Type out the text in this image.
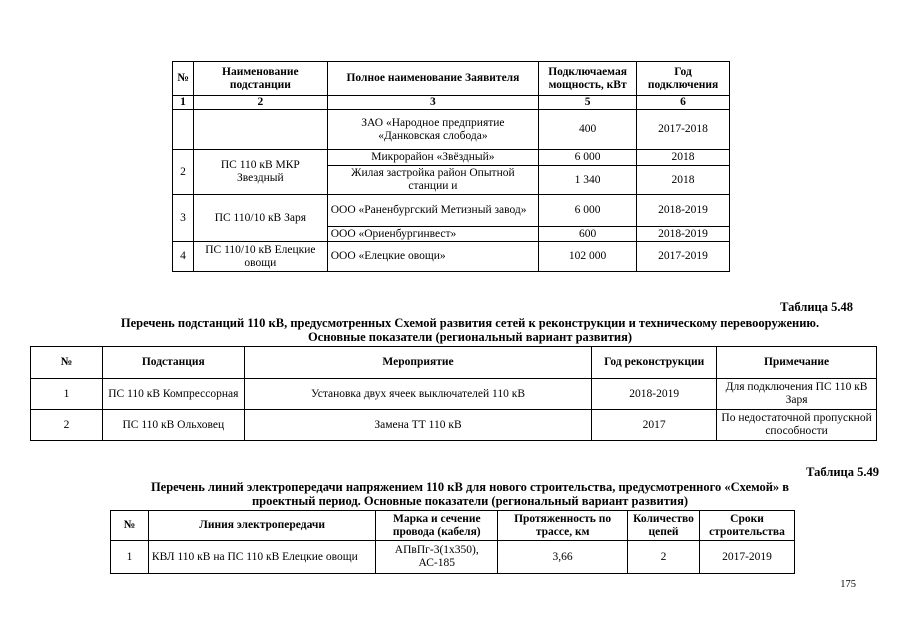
№	Наименование подстанции	Полное наименование Заявителя	Подключаемая мощность, кВт	Год подключения
1	2	3	5	6
		ЗАО «Народное предприятие «Данковская слобода»	400	2017-2018
2	ПС 110 кВ МКР Звездный	Микрорайон «Звёздный»	6 000	2018
		Жилая застройка район Опытной станции и	1 340	2018
3	ПС 110/10 кВ Заря	ООО «Раненбургский Метизный завод»	6 000	2018-2019
		ООО «Ориенбургинвест»	600	2018-2019
4	ПС 110/10 кВ Елецкие овощи	ООО «Елецкие овощи»	102 000	2017-2019
Таблица 5.48
Перечень подстанций 110 кВ, предусмотренных Схемой развития сетей к реконструкции и техническому перевооружению. Основные показатели (региональный вариант развития)
№	Подстанция	Мероприятие	Год реконструкции	Примечание
1	ПС 110 кВ Компрессорная	Установка двух ячеек выключателей 110 кВ	2018-2019	Для подключения ПС 110 кВ Заря
2	ПС 110 кВ Ольховец	Замена ТТ 110 кВ	2017	По недостаточной пропускной способности
Таблица 5.49
Перечень линий электропередачи напряжением 110 кВ для нового строительства, предусмотренного «Схемой» в проектный период. Основные показатели (региональный вариант развития)
№	Линия электропередачи	Марка и сечение провода (кабеля)	Протяженность по трассе, км	Количество цепей	Сроки строительства
1	КВЛ 110 кВ на ПС 110 кВ Елецкие овощи	АПвПг-3(1х350), АС-185	3,66	2	2017-2019
175
